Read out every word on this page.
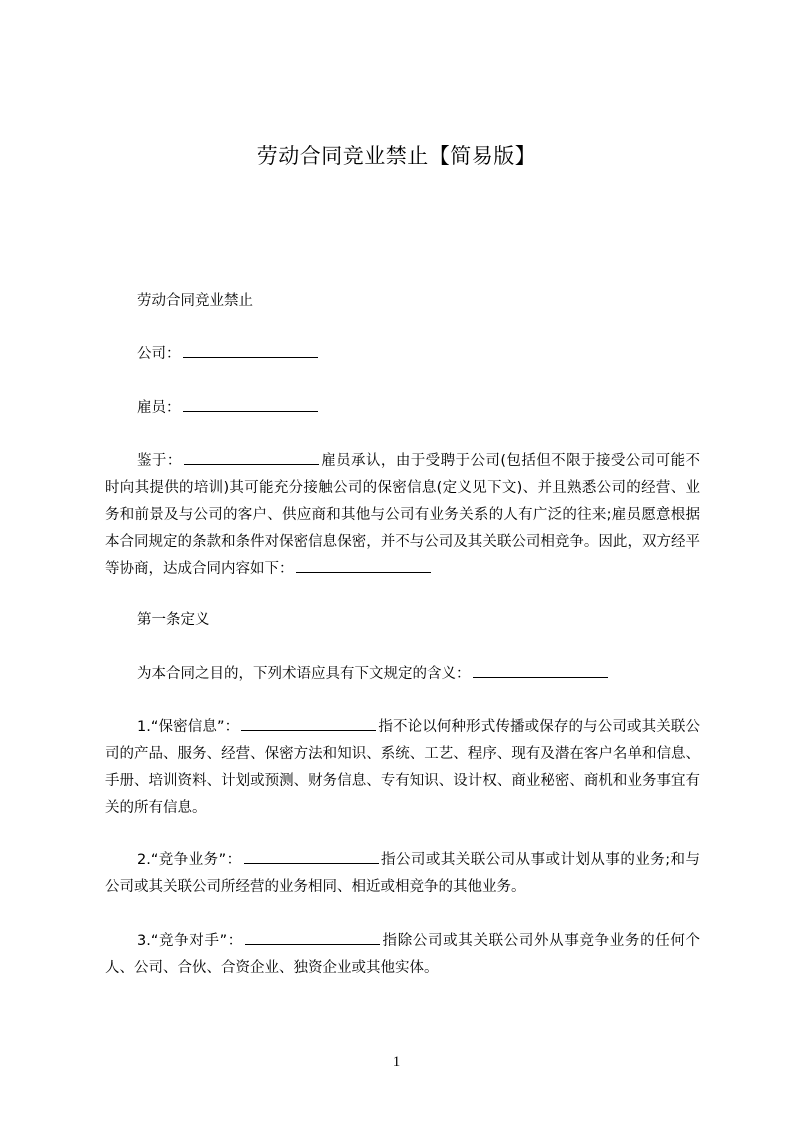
劳动合同竞业禁止【简易版】
劳动合同竞业禁止
公司：
雇员：
鉴于：	雇员承认，由于受聘于公司(包括但不限于接受公司可能不时向其提供的培训)其可能充分接触公司的保密信息(定义见下文)、并且熟悉公司的经营、业务和前景及与公司的客户、供应商和其他与公司有业务关系的人有广泛的往来;雇员愿意根据本合同规定的条款和条件对保密信息保密，并不与公司及其关联公司相竞争。因此，双方经平等协商，达成合同内容如下：
第一条定义
为本合同之目的，下列术语应具有下文规定的含义：
1.“保密信息”：	指不论以何种形式传播或保存的与公司或其关联公司的产品、服务、经营、保密方法和知识、系统、工艺、程序、现有及潜在客户名单和信息、手册、培训资料、计划或预测、财务信息、专有知识、设计权、商业秘密、商机和业务事宜有关的所有信息。
2.“竞争业务”：	指公司或其关联公司从事或计划从事的业务;和与公司或其关联公司所经营的业务相同、相近或相竞争的其他业务。
3.“竞争对手”：	指除公司或其关联公司外从事竞争业务的任何个人、公司、合伙、合资企业、独资企业或其他实体。
1
